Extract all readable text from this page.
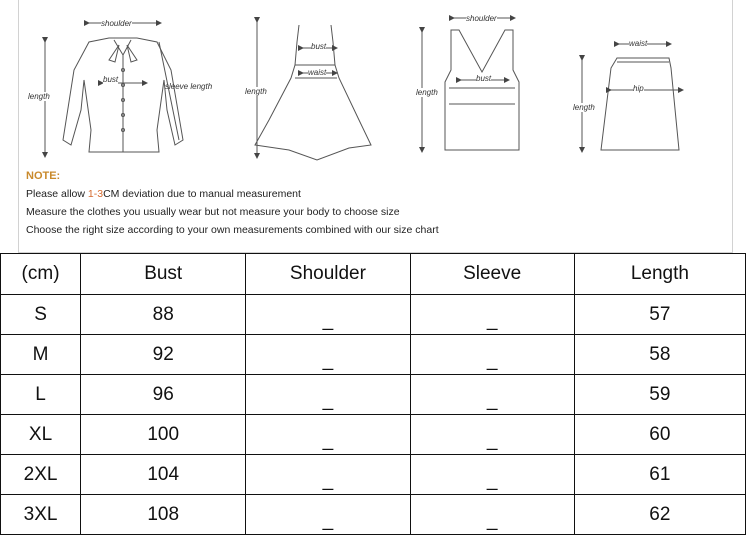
shoulder
bust
sleeve length
length
bust
waist
length
shoulder
bust
length
waist
hip
length
NOTE:
Please allow 1-3CM deviation due to manual measurement
Measure the clothes you usually wear but not measure your body to choose size
Choose the right size according to your own measurements combined with our size chart
(cm)	Bust	Shoulder	Sleeve	Length
S	88	_	_	57
M	92	_	_	58
L	96	_	_	59
XL	100	_	_	60
2XL	104	_	_	61
3XL	108	_	_	62
